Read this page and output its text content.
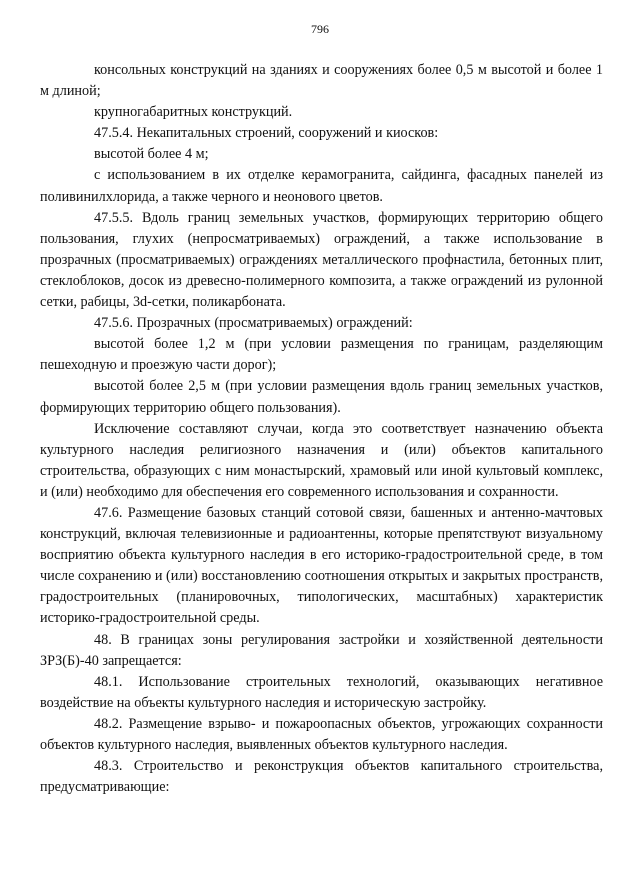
796

консольных конструкций на зданиях и сооружениях более 0,5 м высотой и более 1 м длиной;

крупногабаритных конструкций.

47.5.4. Некапитальных строений, сооружений и киосков:

высотой более 4 м;

с использованием в их отделке керамогранита, сайдинга, фасадных панелей из поливинилхлорида, а также черного и неонового цветов.

47.5.5. Вдоль границ земельных участков, формирующих территорию общего пользования, глухих (непросматриваемых) ограждений, а также использование в прозрачных (просматриваемых) ограждениях металлического профнастила, бетонных плит, стеклоблоков, досок из древесно-полимерного композита, а также ограждений из рулонной сетки, рабицы, 3d-сетки, поликарбоната.

47.5.6. Прозрачных (просматриваемых) ограждений:

высотой более 1,2 м (при условии размещения по границам, разделяющим пешеходную и проезжую части дорог);

высотой более 2,5 м (при условии размещения вдоль границ земельных участков, формирующих территорию общего пользования).

Исключение составляют случаи, когда это соответствует назначению объекта культурного наследия религиозного назначения и (или) объектов капитального строительства, образующих с ним монастырский, храмовый или иной культовый комплекс, и (или) необходимо для обеспечения его современного использования и сохранности.

47.6. Размещение базовых станций сотовой связи, башенных и антенно-мачтовых конструкций, включая телевизионные и радиоантенны, которые препятствуют визуальному восприятию объекта культурного наследия в его историко-градостроительной среде, в том числе сохранению и (или) восстановлению соотношения открытых и закрытых пространств, градостроительных (планировочных, типологических, масштабных) характеристик историко-градостроительной среды.

48. В границах зоны регулирования застройки и хозяйственной деятельности ЗРЗ(Б)-40 запрещается:

48.1. Использование строительных технологий, оказывающих негативное воздействие на объекты культурного наследия и историческую застройку.

48.2. Размещение взрыво- и пожароопасных объектов, угрожающих сохранности объектов культурного наследия, выявленных объектов культурного наследия.

48.3. Строительство и реконструкция объектов капитального строительства, предусматривающие:
